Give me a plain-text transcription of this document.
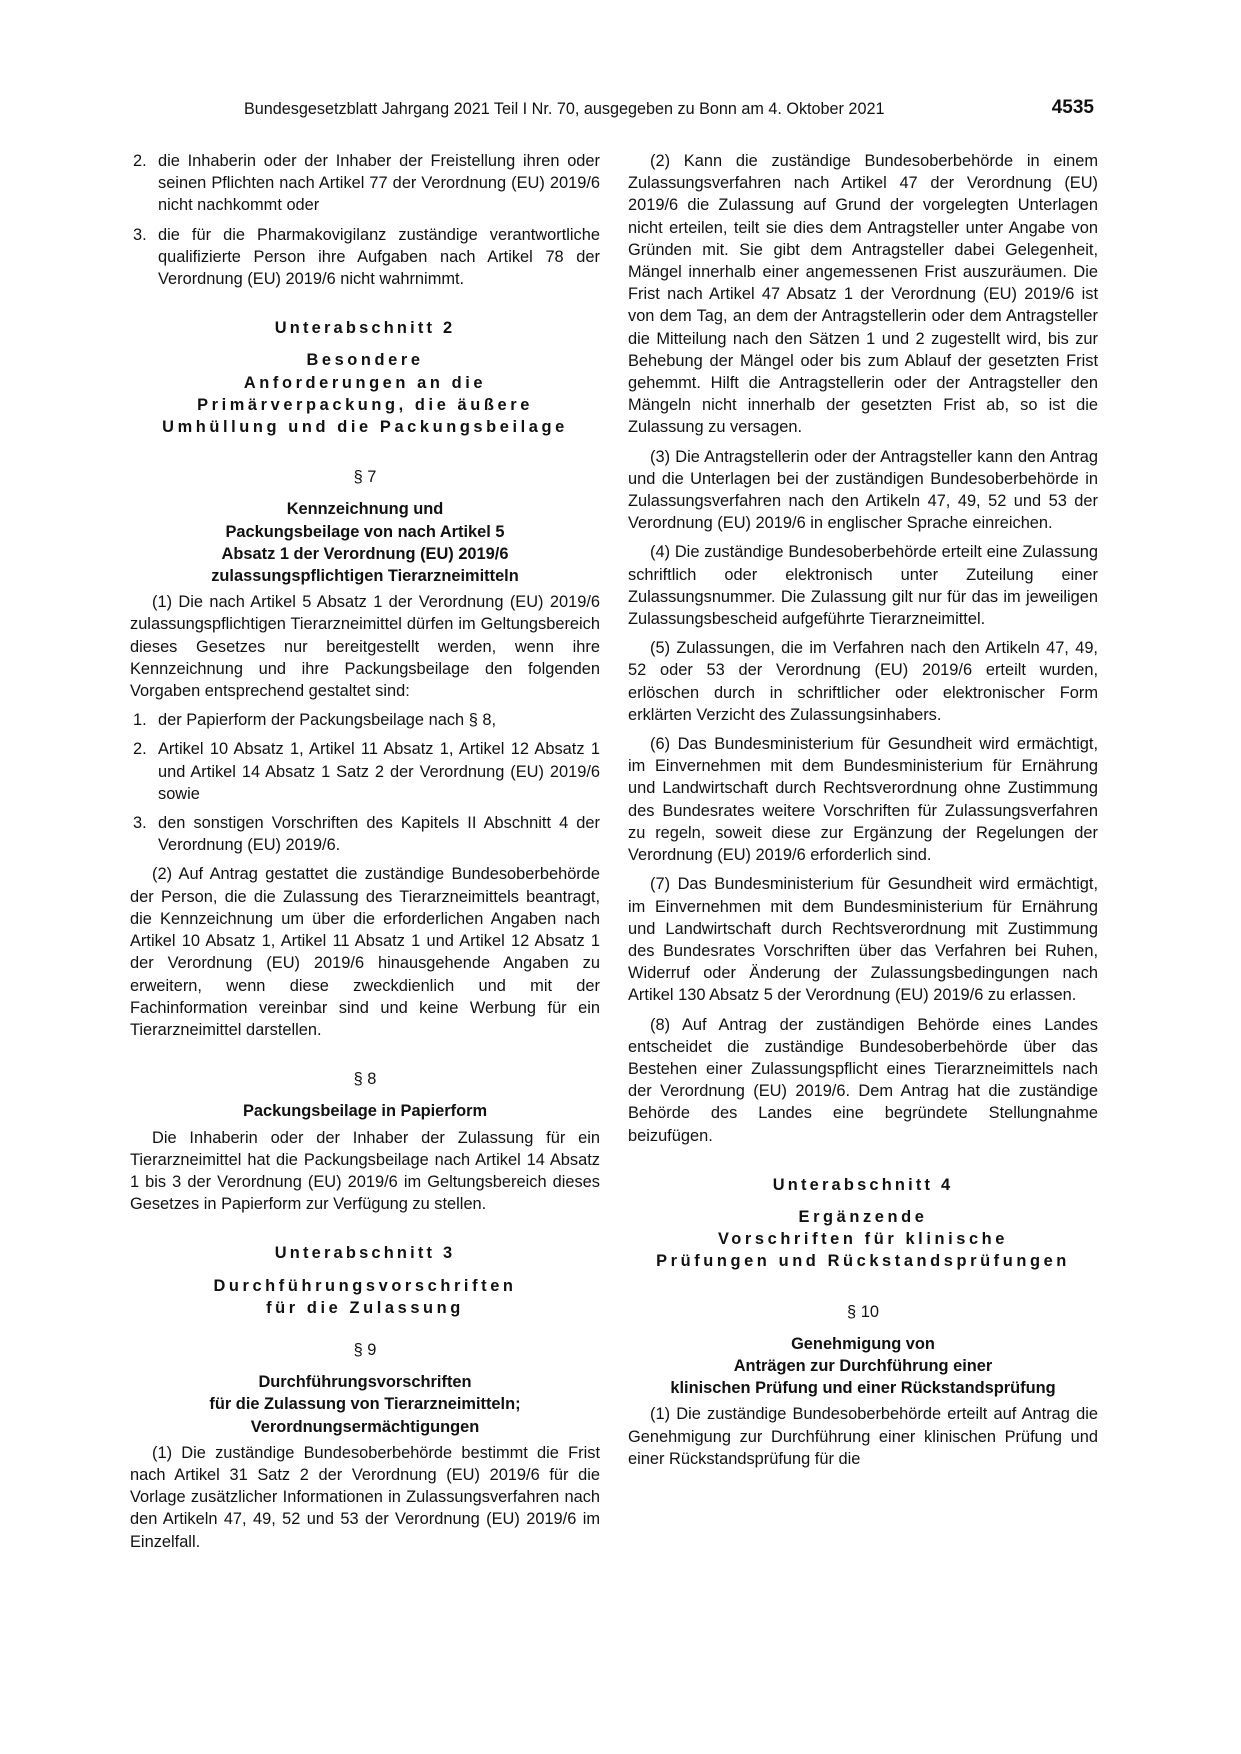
Bundesgesetzblatt Jahrgang 2021 Teil I Nr. 70, ausgegeben zu Bonn am 4. Oktober 2021	4535
2. die Inhaberin oder der Inhaber der Freistellung ihren oder seinen Pflichten nach Artikel 77 der Verordnung (EU) 2019/6 nicht nachkommt oder
3. die für die Pharmakovigilanz zuständige verantwortliche qualifizierte Person ihre Aufgaben nach Artikel 78 der Verordnung (EU) 2019/6 nicht wahrnimmt.
Unterabschnitt 2
Besondere
Anforderungen an die
Primärverpackung, die äußere
Umhüllung und die Packungsbeilage
§ 7
Kennzeichnung und
Packungsbeilage von nach Artikel 5
Absatz 1 der Verordnung (EU) 2019/6
zulassungspflichtigen Tierarzneimitteln

(1) Die nach Artikel 5 Absatz 1 der Verordnung (EU) 2019/6 zulassungspflichtigen Tierarzneimittel dürfen im Geltungsbereich dieses Gesetzes nur bereitgestellt werden, wenn ihre Kennzeichnung und ihre Packungsbeilage den folgenden Vorgaben entsprechend gestaltet sind:

1. der Papierform der Packungsbeilage nach § 8,
2. Artikel 10 Absatz 1, Artikel 11 Absatz 1, Artikel 12 Absatz 1 und Artikel 14 Absatz 1 Satz 2 der Verordnung (EU) 2019/6 sowie
3. den sonstigen Vorschriften des Kapitels II Abschnitt 4 der Verordnung (EU) 2019/6.

(2) Auf Antrag gestattet die zuständige Bundesoberbehörde der Person, die die Zulassung des Tierarzneimittels beantragt, die Kennzeichnung um über die erforderlichen Angaben nach Artikel 10 Absatz 1, Artikel 11 Absatz 1 und Artikel 12 Absatz 1 der Verordnung (EU) 2019/6 hinausgehende Angaben zu erweitern, wenn diese zweckdienlich und mit der Fachinformation vereinbar sind und keine Werbung für ein Tierarzneimittel darstellen.

§ 8
Packungsbeilage in Papierform

Die Inhaberin oder der Inhaber der Zulassung für ein Tierarzneimittel hat die Packungsbeilage nach Artikel 14 Absatz 1 bis 3 der Verordnung (EU) 2019/6 im Geltungsbereich dieses Gesetzes in Papierform zur Verfügung zu stellen.

Unterabschnitt 3
Durchführungsvorschriften
für die Zulassung
§ 9
Durchführungsvorschriften
für die Zulassung von Tierarzneimitteln;
Verordnungsermächtigungen

(1) Die zuständige Bundesoberbehörde bestimmt die Frist nach Artikel 31 Satz 2 der Verordnung (EU) 2019/6 für die Vorlage zusätzlicher Informationen in Zulassungsverfahren nach den Artikeln 47, 49, 52 und 53 der Verordnung (EU) 2019/6 im Einzelfall.

(2) Kann die zuständige Bundesoberbehörde in einem Zulassungsverfahren nach Artikel 47 der Verordnung (EU) 2019/6 die Zulassung auf Grund der vorgelegten Unterlagen nicht erteilen, teilt sie dies dem Antragsteller unter Angabe von Gründen mit. Sie gibt dem Antragsteller dabei Gelegenheit, Mängel innerhalb einer angemessenen Frist auszuräumen. Die Frist nach Artikel 47 Absatz 1 der Verordnung (EU) 2019/6 ist von dem Tag, an dem der Antragstellerin oder dem Antragsteller die Mitteilung nach den Sätzen 1 und 2 zugestellt wird, bis zur Behebung der Mängel oder bis zum Ablauf der gesetzten Frist gehemmt. Hilft die Antragstellerin oder der Antragsteller den Mängeln nicht innerhalb der gesetzten Frist ab, so ist die Zulassung zu versagen.

(3) Die Antragstellerin oder der Antragsteller kann den Antrag und die Unterlagen bei der zuständigen Bundesoberbehörde in Zulassungsverfahren nach den Artikeln 47, 49, 52 und 53 der Verordnung (EU) 2019/6 in englischer Sprache einreichen.

(4) Die zuständige Bundesoberbehörde erteilt eine Zulassung schriftlich oder elektronisch unter Zuteilung einer Zulassungsnummer. Die Zulassung gilt nur für das im jeweiligen Zulassungsbescheid aufgeführte Tierarzneimittel.

(5) Zulassungen, die im Verfahren nach den Artikeln 47, 49, 52 oder 53 der Verordnung (EU) 2019/6 erteilt wurden, erlöschen durch in schriftlicher oder elektronischer Form erklärten Verzicht des Zulassungsinhabers.

(6) Das Bundesministerium für Gesundheit wird ermächtigt, im Einvernehmen mit dem Bundesministerium für Ernährung und Landwirtschaft durch Rechtsverordnung ohne Zustimmung des Bundesrates weitere Vorschriften für Zulassungsverfahren zu regeln, soweit diese zur Ergänzung der Regelungen der Verordnung (EU) 2019/6 erforderlich sind.

(7) Das Bundesministerium für Gesundheit wird ermächtigt, im Einvernehmen mit dem Bundesministerium für Ernährung und Landwirtschaft durch Rechtsverordnung mit Zustimmung des Bundesrates Vorschriften über das Verfahren bei Ruhen, Widerruf oder Änderung der Zulassungsbedingungen nach Artikel 130 Absatz 5 der Verordnung (EU) 2019/6 zu erlassen.

(8) Auf Antrag der zuständigen Behörde eines Landes entscheidet die zuständige Bundesoberbehörde über das Bestehen einer Zulassungspflicht eines Tierarzneimittels nach der Verordnung (EU) 2019/6. Dem Antrag hat die zuständige Behörde des Landes eine begründete Stellungnahme beizufügen.

Unterabschnitt 4
Ergänzende
Vorschriften für klinische
Prüfungen und Rückstandsprüfungen
§ 10
Genehmigung von
Anträgen zur Durchführung einer
klinischen Prüfung und einer Rückstandsprüfung

(1) Die zuständige Bundesoberbehörde erteilt auf Antrag die Genehmigung zur Durchführung einer klinischen Prüfung und einer Rückstandsprüfung für die
